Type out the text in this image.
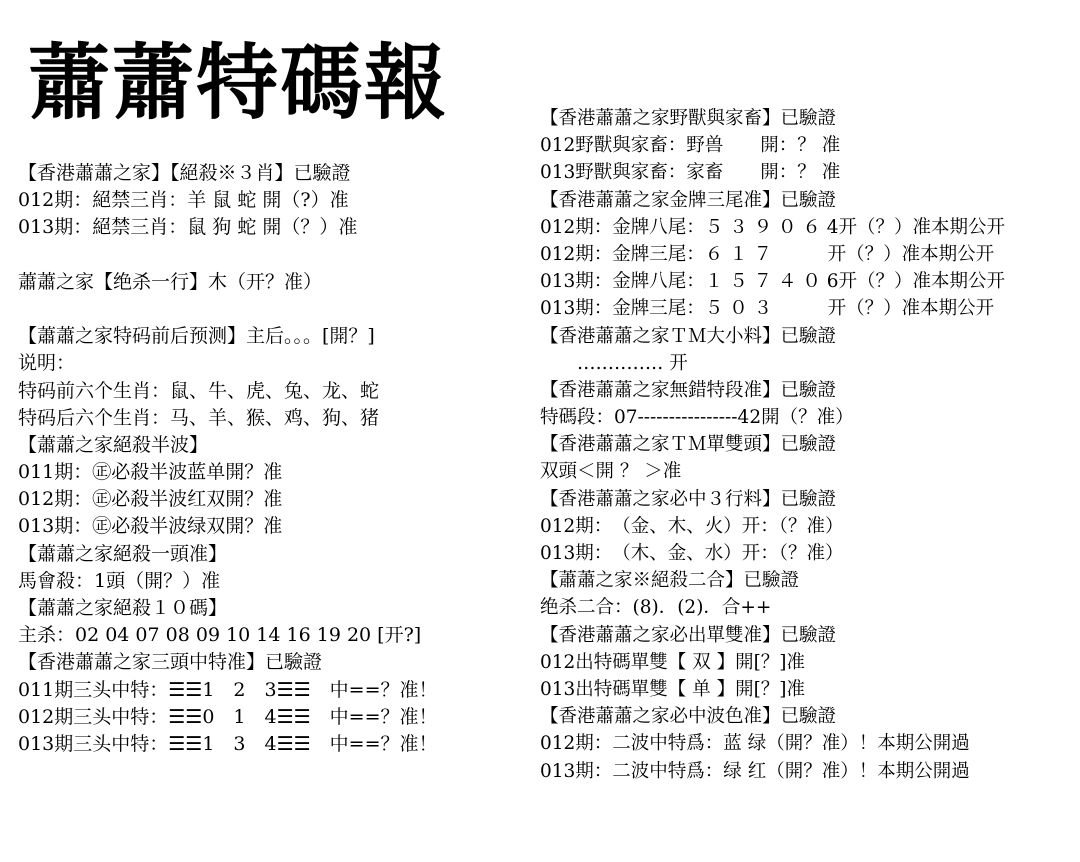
蕭蕭特碼報
【香港蕭蕭之家】【絕殺※３肖】已驗證
012期：絕禁三肖：羊 鼠 蛇 開（?）准
013期：絕禁三肖：鼠 狗 蛇 開（？）准
蕭蕭之家【绝杀一行】木（开？准）
【蕭蕭之家特码前后预测】主后。。。[開？]
说明：
特码前六个生肖：鼠、牛、虎、兔、龙、蛇
特码后六个生肖：马、羊、猴、鸡、狗、猪
【蕭蕭之家絕殺半波】
011期：㊣必殺半波蓝单開？准
012期：㊣必殺半波红双開？准
013期：㊣必殺半波绿双開？准
【蕭蕭之家絕殺一頭准】
馬會殺：1頭（開？）准
【蕭蕭之家絕殺１０碼】
主杀：02 04 07 08 09 10 14 16 19 20 [开?]
【香港蕭蕭之家三頭中特准】已驗證
011期三头中特：☰☰1　2　3☰☰　中==？准！
012期三头中特：☰☰0　1　4☰☰　中==？准！
013期三头中特：☰☰1　3　4☰☰　中==？准！
【香港蕭蕭之家野獸與家畜】已驗證
012野獸與家畜：野兽　　開：？ 准
013野獸與家畜：家畜　　開：？ 准
【香港蕭蕭之家金牌三尾准】已驗證
012期：金牌八尾：５ ３ ９ ０ ６ 4开（？）准本期公开
012期：金牌三尾：６ １ ７　　　开（？）准本期公开
013期：金牌八尾：１ ５ ７ ４ ０ 6开（？）准本期公开
013期：金牌三尾：５ ０ ３　　　开（？）准本期公开
【香港蕭蕭之家ＴＭ大小料】已驗證
　　‥‥‥‥‥‥‥ 开
【香港蕭蕭之家無錯特段准】已驗證
特碼段：07----------------42開（？准）
【香港蕭蕭之家ＴＭ單雙頭】已驗證
双頭＜開 ？ ＞准
【香港蕭蕭之家必中３行料】已驗證
012期：　（金、木、火）开：（？准）
013期：　（木、金、水）开：（？准）
【蕭蕭之家※絕殺二合】已驗證
绝杀二合：(8)．(2)．合++
【香港蕭蕭之家必出單雙准】已驗證
012出特碼單雙【 双 】開[？]准
013出特碼單雙【 单 】開[？]准
【香港蕭蕭之家必中波色准】已驗證
012期：二波中特爲：蓝 绿（開？准）！本期公開過
013期：二波中特爲：绿 红（開？准）！本期公開過
